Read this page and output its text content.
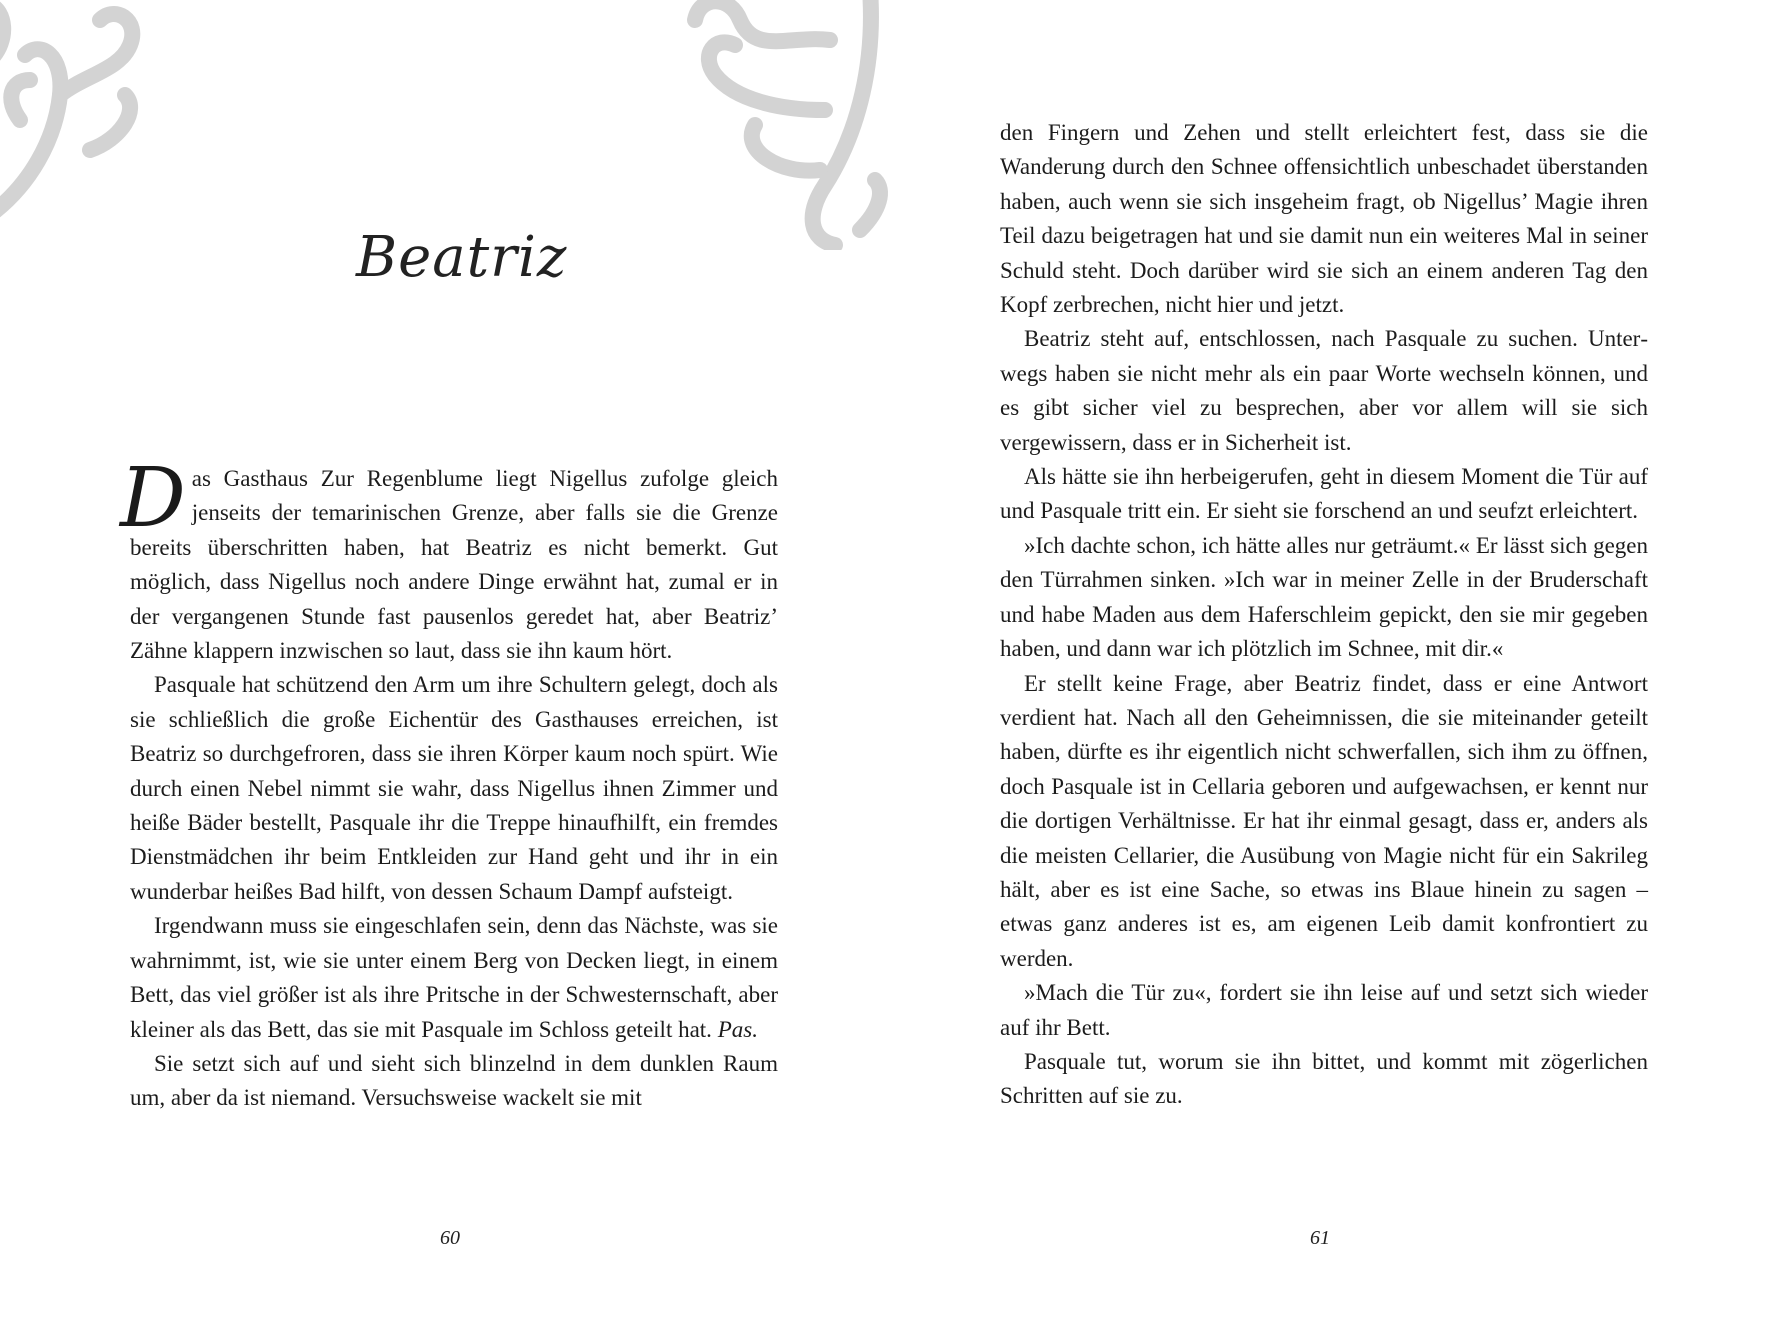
Beatriz

Das Gasthaus Zur Regenblume liegt Nigellus zufolge gleich jenseits der temarinischen Grenze, aber falls sie die Grenze bereits überschritten haben, hat Beatriz es nicht bemerkt. Gut möglich, dass Nigellus noch andere Dinge erwähnt hat, zumal er in der vergangenen Stunde fast pausenlos geredet hat, aber Beatriz’ Zähne klappern inzwischen so laut, dass sie ihn kaum hört.

Pasquale hat schützend den Arm um ihre Schultern gelegt, doch als sie schließlich die große Eichentür des Gasthauses erreichen, ist Beatriz so durchgefroren, dass sie ihren Körper kaum noch spürt. Wie durch einen Nebel nimmt sie wahr, dass Nigellus ihnen Zimmer und heiße Bäder bestellt, Pasquale ihr die Treppe hinaufhilft, ein fremdes Dienstmädchen ihr beim Entkleiden zur Hand geht und ihr in ein wunderbar heißes Bad hilft, von dessen Schaum Dampf aufsteigt.

Irgendwann muss sie eingeschlafen sein, denn das Nächste, was sie wahrnimmt, ist, wie sie unter einem Berg von Decken liegt, in einem Bett, das viel größer ist als ihre Pritsche in der Schwesternschaft, aber kleiner als das Bett, das sie mit Pasquale im Schloss geteilt hat. Pas.

Sie setzt sich auf und sieht sich blinzelnd in dem dunklen Raum um, aber da ist niemand. Versuchsweise wackelt sie mit

60

den Fingern und Zehen und stellt erleichtert fest, dass sie die Wanderung durch den Schnee offensichtlich unbeschadet überstanden haben, auch wenn sie sich insgeheim fragt, ob Nigellus’ Magie ihren Teil dazu beigetragen hat und sie damit nun ein weiteres Mal in seiner Schuld steht. Doch darüber wird sie sich an einem anderen Tag den Kopf zerbrechen, nicht hier und jetzt.

Beatriz steht auf, entschlossen, nach Pasquale zu suchen. Unterwegs haben sie nicht mehr als ein paar Worte wechseln können, und es gibt sicher viel zu besprechen, aber vor allem will sie sich vergewissern, dass er in Sicherheit ist.

Als hätte sie ihn herbeigerufen, geht in diesem Moment die Tür auf und Pasquale tritt ein. Er sieht sie forschend an und seufzt erleichtert.

»Ich dachte schon, ich hätte alles nur geträumt.« Er lässt sich gegen den Türrahmen sinken. »Ich war in meiner Zelle in der Bruderschaft und habe Maden aus dem Haferschleim gepickt, den sie mir gegeben haben, und dann war ich plötzlich im Schnee, mit dir.«

Er stellt keine Frage, aber Beatriz findet, dass er eine Antwort verdient hat. Nach all den Geheimnissen, die sie miteinander geteilt haben, dürfte es ihr eigentlich nicht schwerfallen, sich ihm zu öffnen, doch Pasquale ist in Cellaria geboren und aufgewachsen, er kennt nur die dortigen Verhältnisse. Er hat ihr einmal gesagt, dass er, anders als die meisten Cellarier, die Ausübung von Magie nicht für ein Sakrileg hält, aber es ist eine Sache, so etwas ins Blaue hinein zu sagen – etwas ganz anderes ist es, am eigenen Leib damit konfrontiert zu werden.

»Mach die Tür zu«, fordert sie ihn leise auf und setzt sich wieder auf ihr Bett.

Pasquale tut, worum sie ihn bittet, und kommt mit zögerlichen Schritten auf sie zu.

61
